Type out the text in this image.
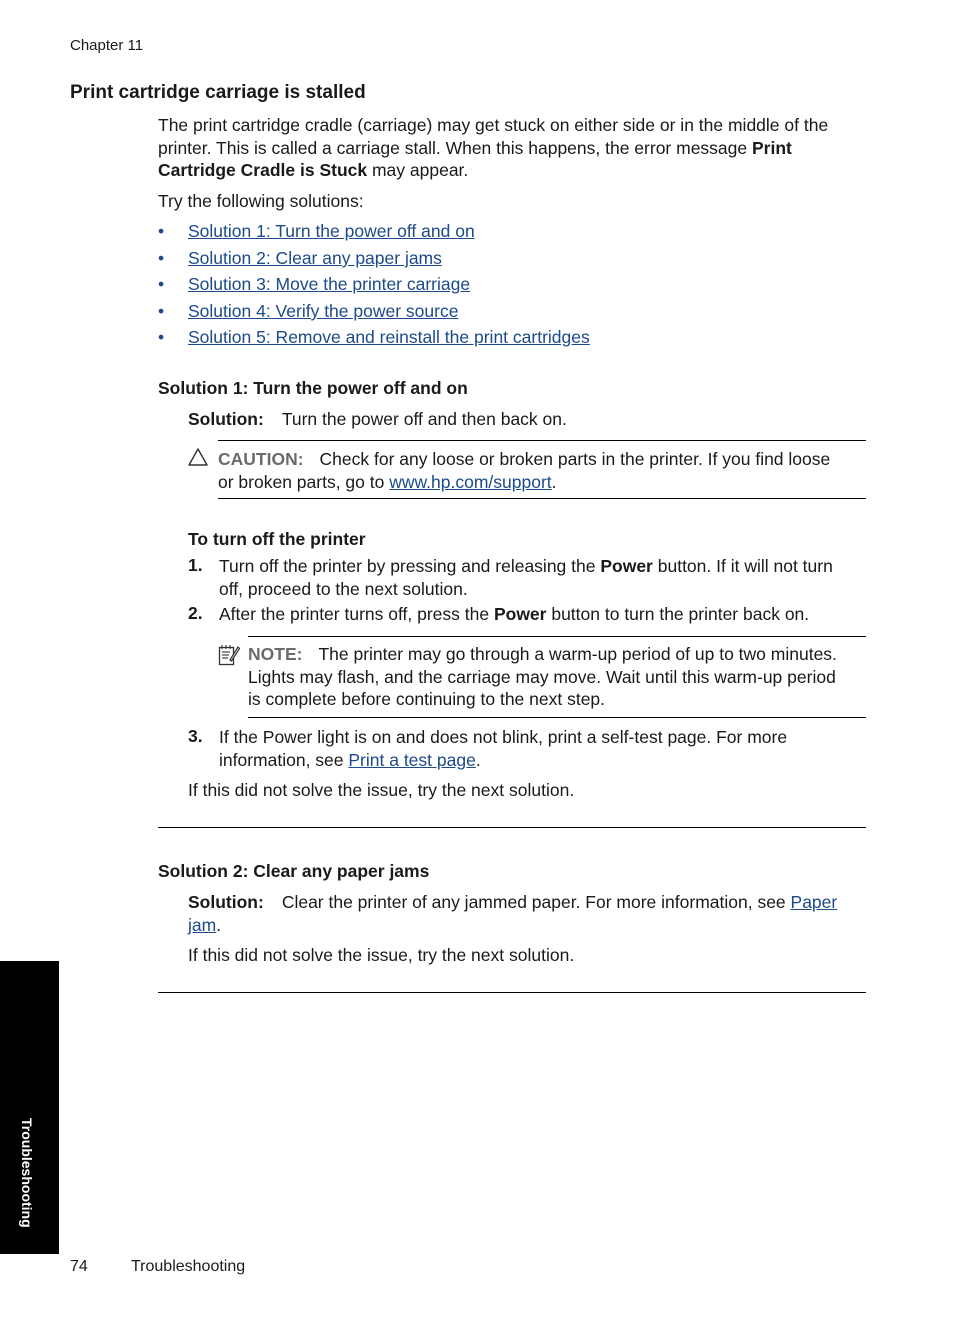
Chapter 11
Print cartridge carriage is stalled
The print cartridge cradle (carriage) may get stuck on either side or in the middle of the
printer. This is called a carriage stall. When this happens, the error message Print
Cartridge Cradle is Stuck may appear.
Try the following solutions:
• Solution 1: Turn the power off and on
• Solution 2: Clear any paper jams
• Solution 3: Move the printer carriage
• Solution 4: Verify the power source
• Solution 5: Remove and reinstall the print cartridges
Solution 1: Turn the power off and on
Solution: Turn the power off and then back on.
CAUTION: Check for any loose or broken parts in the printer. If you find loose
or broken parts, go to www.hp.com/support.
To turn off the printer
1. Turn off the printer by pressing and releasing the Power button. If it will not turn
off, proceed to the next solution.
2. After the printer turns off, press the Power button to turn the printer back on.
NOTE: The printer may go through a warm-up period of up to two minutes.
Lights may flash, and the carriage may move. Wait until this warm-up period
is complete before continuing to the next step.
3. If the Power light is on and does not blink, print a self-test page. For more
information, see Print a test page.
If this did not solve the issue, try the next solution.
Solution 2: Clear any paper jams
Solution: Clear the printer of any jammed paper. For more information, see Paper
jam.
If this did not solve the issue, try the next solution.
Troubleshooting
74	Troubleshooting
